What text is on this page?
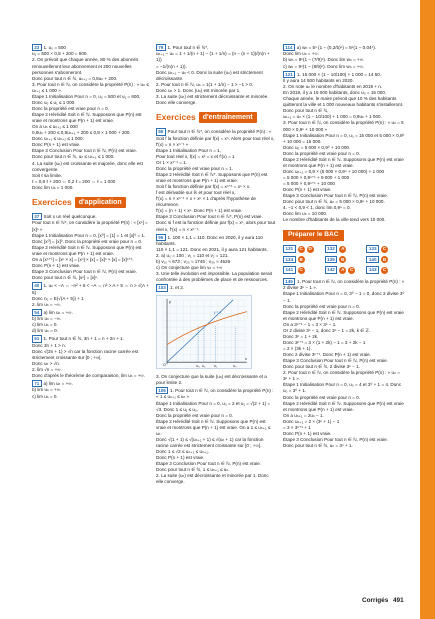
23 1. u₀ = 500
u₁ = 500 × 0,8 + 200 = 600.
2. On prévoit que chaque année, 80 % des abonnés renouvelleront leur abonnement et 200 nouvelles personnes s'abonneront.
Donc pour tout n ∈ ℕ, uₙ₊₁ = 0,8uₙ + 200.
3. Pour tout n ∈ ℕ, on considère la propriété P(n) : « uₙ ≤ uₙ₊₁ ≤ 1 000 ».
Étape 1 Initialisation Pour n = 0, u₀ = 500 et u₁ = 600.
Donc u₀ ≤ u₁ ≤ 1 000.
Donc la propriété est vraie pour n = 0.
Étape 2 Hérédité Soit n ∈ ℕ. Supposons que P(n) est vraie et montrons que P(n + 1) est vraie.
On a uₙ ≤ uₙ₊₁ ≤ 1 000
0,8uₙ + 200 ≤ 0,8uₙ₊₁ + 200 ≤ 0,8 × 1 000 + 200.
Donc uₙ₊₁ ≤ uₙ₊₂ ≤ 1 000.
Donc P(n + 1) est vraie.
Étape 3 Conclusion Pour tout n ∈ ℕ, P(n) est vraie.
Donc pour tout n ∈ ℕ, uₙ ≤ uₙ₊₁ ≤ 1 000.
4. La suite (uₙ) est croissante et majorée, donc elle est convergente.
Soit ℓ sa limite.
ℓ = 0,8 ℓ + 200 ⇔ 0,2 ℓ = 200 ⇔ ℓ = 1 000
Donc lim uₙ = 1 000.
Exercices	d'application
37 Soit x un réel quelconque.
Pour tout n ∈ ℕ*, on considère la propriété P(n) : « [xⁿ] = [x]ⁿ »
Étape 1 Initialisation Pour n = 0, [x⁰] = [1] = 1 et [x]⁰ = 1.
Donc [x⁰] = [x]⁰. Donc la propriété est vraie pour n = 0.
Étape 2 Hérédité Soit n ∈ ℕ. Supposons que P(n) est vraie et montrons que P(n + 1) est vraie.
On a [xⁿ⁺¹] = [xⁿ × x] = [xⁿ] × [x] = [x]ⁿ × [x] = [x]ⁿ⁺¹.
Donc P(n + 1) est vraie.
Étape 3 Conclusion Pour tout n ∈ ℕ, P(n) est vraie.
Donc pour tout n ∈ ℕ, [xⁿ] = [x]ⁿ.
40 1. uₙ < −A ⇔ −n² + 5 < −A ⇔ n² > A + 5 ⇔ n > √(A + 5)
Donc n₀ = E(√(A + 5)) + 1
2. lim uₙ = −∞.
54 a) lim uₙ = +∞.
b) lim uₙ = −∞.
c) lim uₙ = 0.
d) lim uₙ = 0.
61 1. Pour tout n ∈ ℕ, 3n + 1 = n + 2n + 1.
Donc 3n + 1 > n.
Donc √(3n + 1) > √n car la fonction racine carrée est strictement croissante sur [0 ; +∞[.
Donc uₙ > √n.
2. lim √n = +∞.
Donc d'après le théorème de comparaison, lim uₙ = +∞.
71 a) lim uₙ = +∞.
b) lim uₙ = +∞.
c) lim uₙ = 0.
79 1. Pour tout n ∈ ℕ*,
uₙ₊₁ − uₙ = 1 + 1/(n + 1) − (1 + 1/n) = (n − (n + 1))/(n(n + 1))
= −1/(n(n + 1)).
Donc uₙ₊₁ − uₙ < 0. Donc la suite (uₙ) est strictement décroissante.
2. Pour tout n ∈ ℕ, uₙ = 1(1 + 1/n) − 1 > −1 > 0.
Donc uₙ > 1. Donc (uₙ) est minorée par 1.
3. La suite (uₙ) est strictement décroissante et minorée. Donc elle converge.
Exercices	d'entraînement
86 Pour tout n ∈ ℕ*, on considère la propriété P(n) : « Soit f la fonction définie par f(x) = xⁿ. Alors pour tout réel x, f'(x) = n × xⁿ⁻¹ »
Étape 1 Initialisation Pour n = 1,
Pour tout réel x, f(x) = x¹ = x et f'(x) = 1
Or 1 × x¹⁻¹ = 1.
Donc la propriété est vraie pour n = 1.
Étape 2 Hérédité Soit n ∈ ℕ*. Supposons que P(n) est vraie et montrons que P(n + 1) est vraie.
Soit f la fonction définie par f(x) = xⁿ⁺¹ = xⁿ × x.
f est dérivable sur ℝ et pour tout réel x,
f'(x) = n × xⁿ⁻¹ × x + xⁿ × 1 d'après l'hypothèse de récurrence.
f'(x) = (n + 1) × xⁿ. Donc P(n + 1) est vraie.
Étape 3 Conclusion Pour tout n ∈ ℕ*, P(n) est vraie.
Donc si f est la fonction définie par f(x) = xⁿ, alors pour tout réel x, f'(x) = n × xⁿ⁻¹.
95 1. 100 × 1,1 = 110. Donc en 2020, il y aura 110 habitants.
110 × 1,1 = 121. Donc en 2021, il y aura 121 habitants.
2. a) u₀ = 100 ; v₁ = 110 et v₂ = 121.
b) v₁₀ ≈ 673 ; v₂₀ ≈ 1745 ; v₃₀ ≈ 4526
c) On conjecture que lim vₙ = +∞
3. Une telle évolution est impossible. La population serait confrontée à des problèmes de place et de ressources.
103 1. et 2.
u₀
u₁
u₂
u₃
y
x
O
y = x
3. On conjecture que la suite (uₙ) est décroissante et a pour limite 2.
106 1. Pour tout n ∈ ℕ, on considère la propriété P(n) : « 1 ≤ uₙ₊₁ ≤ uₙ »
Étape 1 Initialisation Pour n = 0, u₀ = 2 et u₁ = √(2 + 1) = √3. Donc 1 ≤ u₁ ≤ u₀.
Donc la propriété est vraie pour n = 0.
Étape 2 Hérédité Soit n ∈ ℕ. Supposons que P(n) est vraie et montrons que P(n + 1) est vraie. On a 1 ≤ uₙ₊₁ ≤ uₙ.
Donc √(1 + 1) ≤ √(uₙ₊₁ + 1) ≤ √(uₙ + 1) car la fonction racine carrée est strictement croissante sur [0 ; +∞[.
Donc 1 ≤ √2 ≤ uₙ₊₂ ≤ uₙ₊₁.
Donc P(n + 1) est vraie.
Étape 3 Conclusion Pour tout n ∈ ℕ, P(n) est vraie.
Donc pour tout n ∈ ℕ, 1 ≤ uₙ₊₁ ≤ uₙ.
2. La suite (uₙ) est décroissante et minorée par 1. Donc elle converge.
114 a) wₙ = 5ⁿ (1 − (0,2/5)ⁿ) = 5ⁿ(1 − 0,04ⁿ).
Donc lim uₙ = +∞.
b) wₙ = 9ⁿ(1 − (7/9)ⁿ). Donc lim wₙ = +∞.
c) wₙ = 9ⁿ(1 − (8/9)ⁿ). Donc lim wₙ = +∞.
121 1. 15 000 × (1 − 10/100) + 1 000 = 14 50.
Il y aura 14 500 habitants en 2020.
2. On note uₙ le nombre d'habitants en 2019 + n.
En 2019, il y a 15 000 habitants, donc u₀ = 15 000.
Chaque année, le maire prévoit que 10 % des habitants quitteront la ville et 1 000 nouveaux habitants s'installeront.
Donc pour tout n ∈ ℕ,
uₙ₊₁ = uₙ × (1 − 10/100) + 1 000 = 0,9uₙ + 1 000.
3. Pour tout n ∈ ℕ, on considère la propriété P(n) : « uₙ = 5 000 × 0,9ⁿ + 10 000 »
Étape 1 Initialisation Pour n = 0, u₀ = 15 000 et 5 000 × 0,9⁰ + 10 000 = 15 000.
Donc u₀ = 5 000 × 0,9⁰ + 10 000.
Donc la propriété est vraie pour n = 0.
Étape 2 Hérédité Soit n ∈ ℕ. Supposons que P(n) est vraie et montrons que P(n + 1) est vraie.
Donc uₙ₊₁ = 0,9 × (5 000 × 0,9ⁿ + 10 000) + 1 000
= 5 000 × 0,9ⁿ⁺¹ + 9 000 + 1 000
= 5 000 × 0,9ⁿ⁺¹ + 10 000
Donc P(n + 1) est vraie.
Étape 3 Conclusion Pour tout n ∈ ℕ, P(n) est vraie.
Donc pour tout n ∈ ℕ, uₙ = 5 000 × 0,9ⁿ + 10 000.
4. −1 < 0,9 < 1, donc lim 0,9ⁿ = 0.
Donc lim uₙ = 10 000.
Le nombre d'habitants de la ville tend vers 10 000.
Préparer le BAC
131	C	D	132	A	133	C
134	B	135	B	140	B
141	C	142	A	C	143	C
145 1. Pour tout n ∈ ℕ, on considère la propriété P(n) : « 2 divise 3ⁿ − 1 ».
Étape 1 Initialisation Pour n = 0, 3⁰ − 1 = 0, donc 2 divise 3⁰ − 1.
Donc la propriété est vraie pour n = 0.
Étape 2 Hérédité Soit n ∈ ℕ. Supposons que P(n) est vraie et montrons que P(n + 1) est vraie.
On a 3ⁿ⁺¹ − 1 = 3 × 3ⁿ − 1.
Or 2 divise 3ⁿ − 1, donc 3ⁿ − 1 = 2k, k ∈ ℤ.
Donc 3ⁿ = 1 + 2k.
Donc 3ⁿ⁺¹ = 3 × (1 + 2k) − 1 = 3 + 2k − 1
= 2 × (3k + 1).
Donc 2 divise 3ⁿ⁺¹. Donc P(n + 1) est vraie.
Étape 3 Conclusion Pour tout n ∈ ℕ, P(n) est vraie.
Donc pour tout n ∈ ℕ, 2 divise 3ⁿ − 1.
2. Pour tout n ∈ ℕ, on considère la propriété P(n) : « uₙ = 3ⁿ + 1 ».
Étape 1 Initialisation Pour n = 0, u₀ = 4 et 3⁰ + 1 = 4. Donc u₀ = 3⁰ + 1.
Donc la propriété est vraie pour n = 0.
Étape 2 Hérédité Soit n ∈ ℕ. Supposons que P(n) est vraie et montrons que P(n + 1) est vraie.
On a uₙ₊₁ = 2uₙ − 1.
Donc uₙ₊₁ = 2 × (3ⁿ + 1) − 1
= 3 × 3ⁿ⁺¹ + 1
Donc P(n + 1) est vraie.
Étape 3 Conclusion Pour tout n ∈ ℕ, P(n) est vraie.
Donc pour tout n ∈ ℕ, uₙ = 3ⁿ + 1.
Corrigés 491
